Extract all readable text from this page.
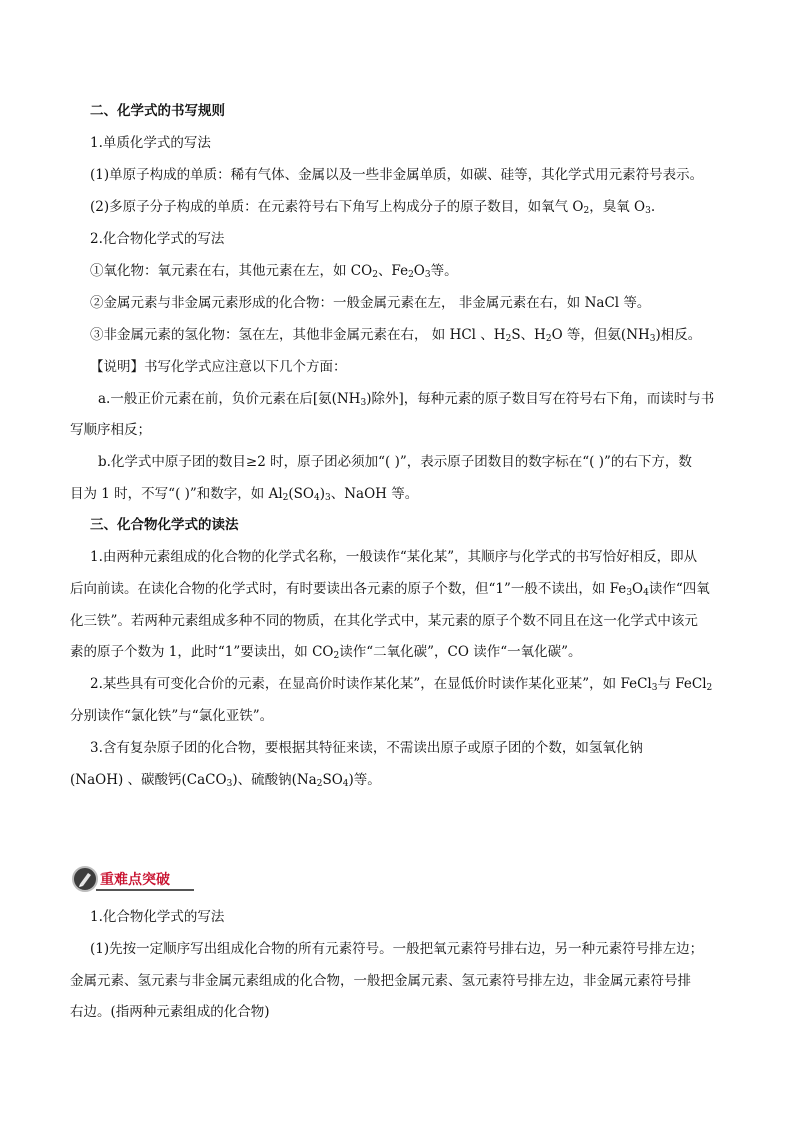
二、化学式的书写规则
1.单质化学式的写法
(1)单原子构成的单质：稀有气体、金属以及一些非金属单质，如碳、硅等，其化学式用元素符号表示。
(2)多原子分子构成的单质：在元素符号右下角写上构成分子的原子数目，如氧气 $O_2$，臭氧 $O_3$.
2.化合物化学式的写法
①氧化物：氧元素在右，其他元素在左，如 $CO_2$、$Fe_2O_3$等。
②金属元素与非金属元素形成的化合物：一般金属元素在左， 非金属元素在右，如 NaCl 等。
③非金属元素的氢化物：氢在左，其他非金属元素在右， 如 HCl 、$H_2S$、$H_2O$ 等，但氨$(NH_3)$相反。
【说明】书写化学式应注意以下几个方面：
a.一般正价元素在前，负价元素在后[氨$(NH_3)$除外]，每种元素的原子数目写在符号右下角，而读时与书
写顺序相反；
b.化学式中原子团的数目≥2 时，原子团必须加“( )”，表示原子团数目的数字标在“( )”的右下方，数
目为 1 时，不写“( )”和数字，如 $Al_2(SO_4)_3$、NaOH 等。
三、化合物化学式的读法
1.由两种元素组成的化合物的化学式名称，一般读作“某化某”，其顺序与化学式的书写恰好相反，即从
后向前读。在读化合物的化学式时，有时要读出各元素的原子个数，但“1”一般不读出，如 $Fe_3O_4$读作“四氧
化三铁”。若两种元素组成多种不同的物质，在其化学式中，某元素的原子个数不同且在这一化学式中该元
素的原子个数为 1，此时“1”要读出，如 $CO_2$读作“二氧化碳”，CO 读作“一氧化碳”。
2.某些具有可变化合价的元素，在显高价时读作某化某”，在显低价时读作某化亚某”，如 FeCl$_3$与 FeCl$_2$
分别读作“氯化铁”与“氯化亚铁”。
3.含有复杂原子团的化合物，要根据其特征来读，不需读出原子或原子团的个数，如氢氧化钠
(NaOH) 、碳酸钙(CaCO$_3$)、硫酸钠$(Na_2SO_4)$等。
重难点突破
1.化合物化学式的写法
(1)先按一定顺序写出组成化合物的所有元素符号。一般把氧元素符号排右边，另一种元素符号排左边；
金属元素、氢元素与非金属元素组成的化合物，一般把金属元素、氢元素符号排左边，非金属元素符号排
右边。(指两种元素组成的化合物)
